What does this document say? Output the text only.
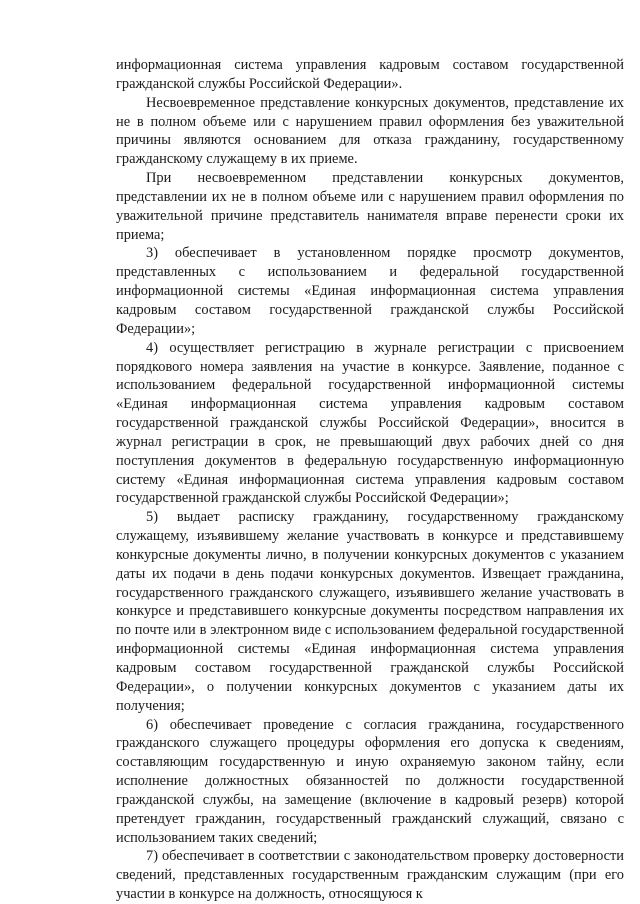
информационная система управления кадровым составом государственной гражданской службы Российской Федерации».

Несвоевременное представление конкурсных документов, представление их не в полном объеме или с нарушением правил оформления без уважительной причины являются основанием для отказа гражданину, государственному гражданскому служащему в их приеме.

При несвоевременном представлении конкурсных документов, представлении их не в полном объеме или с нарушением правил оформления по уважительной причине представитель нанимателя вправе перенести сроки их приема;

3) обеспечивает в установленном порядке просмотр документов, представленных с использованием и федеральной государственной информационной системы «Единая информационная система управления кадровым составом государственной гражданской службы Российской Федерации»;

4) осуществляет регистрацию в журнале регистрации с присвоением порядкового номера заявления на участие в конкурсе. Заявление, поданное с использованием федеральной государственной информационной системы «Единая информационная система управления кадровым составом государственной гражданской службы Российской Федерации», вносится в журнал регистрации в срок, не превышающий двух рабочих дней со дня поступления документов в федеральную государственную информационную систему «Единая информационная система управления кадровым составом государственной гражданской службы Российской Федерации»;

5) выдает расписку гражданину, государственному гражданскому служащему, изъявившему желание участвовать в конкурсе и представившему конкурсные документы лично, в получении конкурсных документов с указанием даты их подачи в день подачи конкурсных документов. Извещает гражданина, государственного гражданского служащего, изъявившего желание участвовать в конкурсе и представившего конкурсные документы посредством направления их по почте или в электронном виде с использованием федеральной государственной информационной системы «Единая информационная система управления кадровым составом государственной гражданской службы Российской Федерации», о получении конкурсных документов с указанием даты их получения;

6) обеспечивает проведение с согласия гражданина, государственного гражданского служащего процедуры оформления его допуска к сведениям, составляющим государственную и иную охраняемую законом тайну, если исполнение должностных обязанностей по должности государственной гражданской службы, на замещение (включение в кадровый резерв) которой претендует гражданин, государственный гражданский служащий, связано с использованием таких сведений;

7) обеспечивает в соответствии с законодательством проверку достоверности сведений, представленных государственным гражданским служащим (при его участии в конкурсе на должность, относящуюся к
